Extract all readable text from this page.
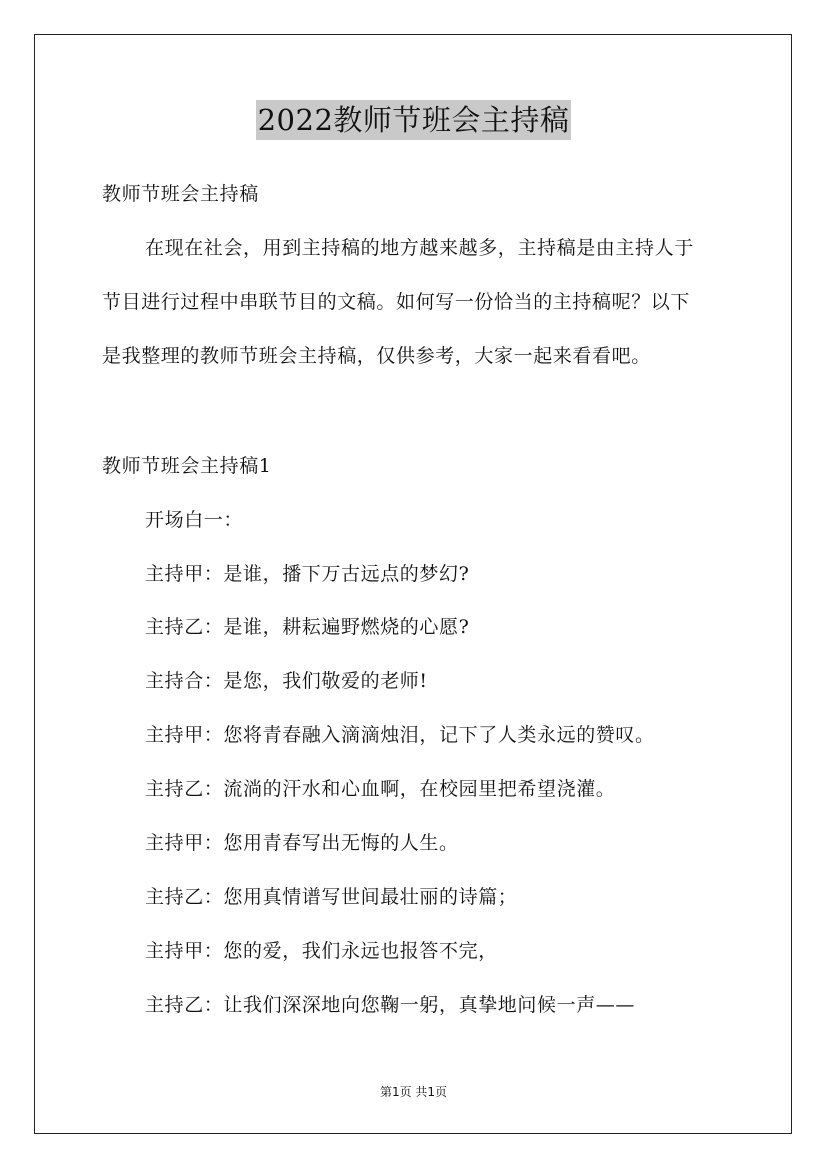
2022教师节班会主持稿
教师节班会主持稿
在现在社会，用到主持稿的地方越来越多，主持稿是由主持人于
节目进行过程中串联节目的文稿。如何写一份恰当的主持稿呢？以下
是我整理的教师节班会主持稿，仅供参考，大家一起来看看吧。
教师节班会主持稿1
开场白一：
主持甲：是谁，播下万古远点的梦幻?
主持乙：是谁，耕耘遍野燃烧的心愿?
主持合：是您，我们敬爱的老师!
主持甲：您将青春融入滴滴烛泪，记下了人类永远的赞叹。
主持乙：流淌的汗水和心血啊，在校园里把希望浇灌。
主持甲：您用青春写出无悔的人生。
主持乙：您用真情谱写世间最壮丽的诗篇；
主持甲：您的爱，我们永远也报答不完，
主持乙：让我们深深地向您鞠一躬，真挚地问候一声——
第1页 共1页
